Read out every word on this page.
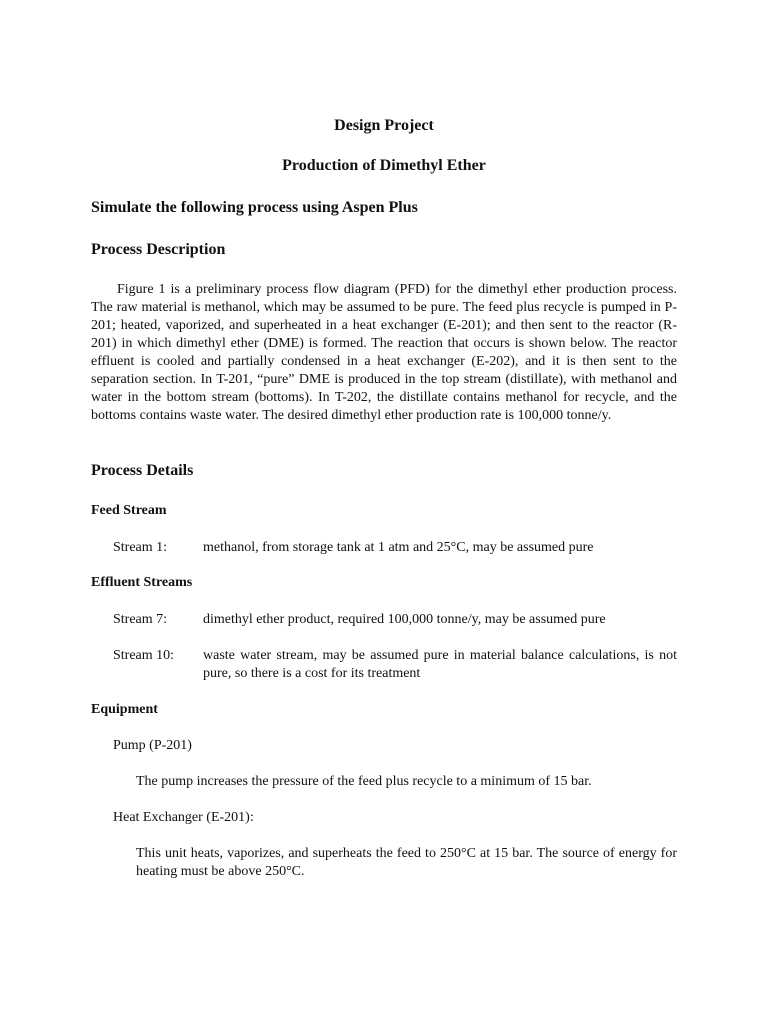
Design Project
Production of Dimethyl Ether
Simulate the following process using Aspen Plus
Process Description

Figure 1 is a preliminary process flow diagram (PFD) for the dimethyl ether production process. The raw material is methanol, which may be assumed to be pure. The feed plus recycle is pumped in P-201; heated, vaporized, and superheated in a heat exchanger (E-201); and then sent to the reactor (R-201) in which dimethyl ether (DME) is formed. The reaction that occurs is shown below. The reactor effluent is cooled and partially condensed in a heat exchanger (E-202), and it is then sent to the separation section. In T-201, “pure” DME is produced in the top stream (distillate), with methanol and water in the bottom stream (bottoms). In T-202, the distillate contains methanol for recycle, and the bottoms contains waste water. The desired dimethyl ether production rate is 100,000 tonne/y.

Process Details
Feed Stream
Stream 1:	methanol, from storage tank at 1 atm and 25°C, may be assumed pure
Effluent Streams
Stream 7:	dimethyl ether product, required 100,000 tonne/y, may be assumed pure
Stream 10: waste water stream, may be assumed pure in material balance calculations, is not pure, so there is a cost for its treatment
Equipment
Pump (P-201)
The pump increases the pressure of the feed plus recycle to a minimum of 15 bar.
Heat Exchanger (E-201):
This unit heats, vaporizes, and superheats the feed to 250°C at 15 bar. The source of energy for heating must be above 250°C.
